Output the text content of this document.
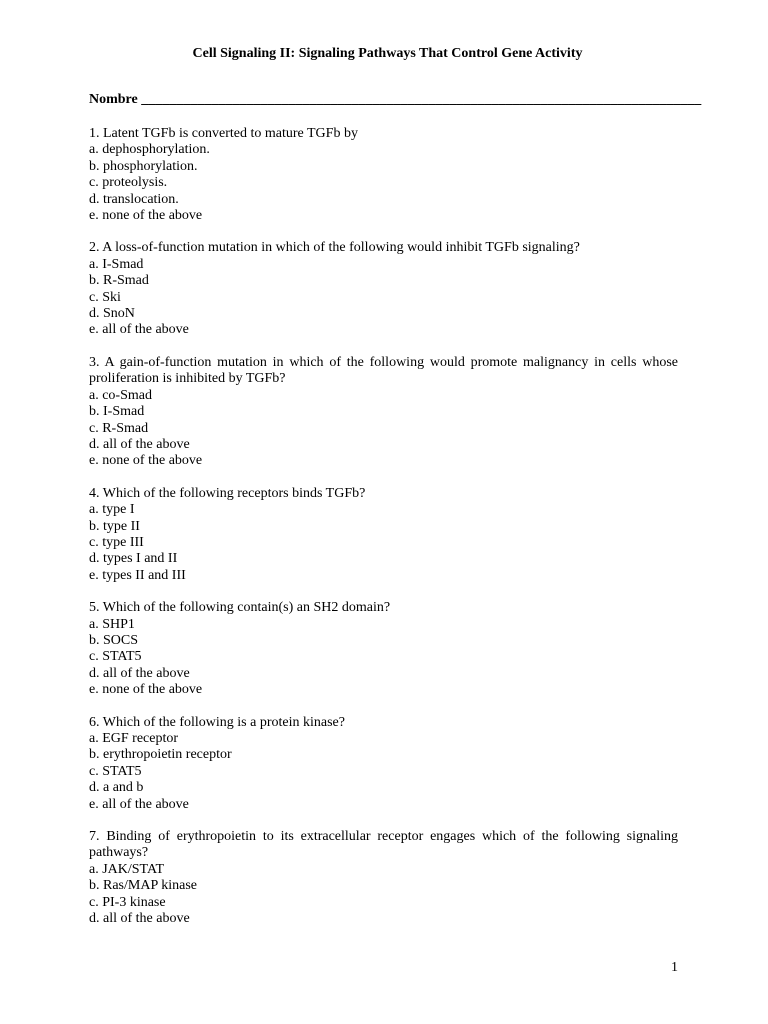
Cell Signaling II: Signaling Pathways That Control Gene Activity
Nombre ________________________________________________________________________________

1. Latent TGFb is converted to mature TGFb by

a. dephosphorylation.

b. phosphorylation.

c. proteolysis.

d. translocation.

e. none of the above

2. A loss-of-function mutation in which of the following would inhibit TGFb signaling?

a. I-Smad

b. R-Smad

c. Ski

d. SnoN

e. all of the above

3. A gain-of-function mutation in which of the following would promote malignancy in cells whose proliferation is inhibited by TGFb?

a. co-Smad

b. I-Smad

c. R-Smad

d. all of the above

e. none of the above

4. Which of the following receptors binds TGFb?

a. type I

b. type II

c. type III

d. types I and II

e. types II and III

5. Which of the following contain(s) an SH2 domain?

a. SHP1

b. SOCS

c. STAT5

d. all of the above

e. none of the above

6. Which of the following is a protein kinase?

a. EGF receptor

b. erythropoietin receptor

c. STAT5

d. a and b

e. all of the above

7. Binding of erythropoietin to its extracellular receptor engages which of the following signaling pathways?

a. JAK/STAT

b. Ras/MAP kinase

c. PI-3 kinase

d. all of the above

1
